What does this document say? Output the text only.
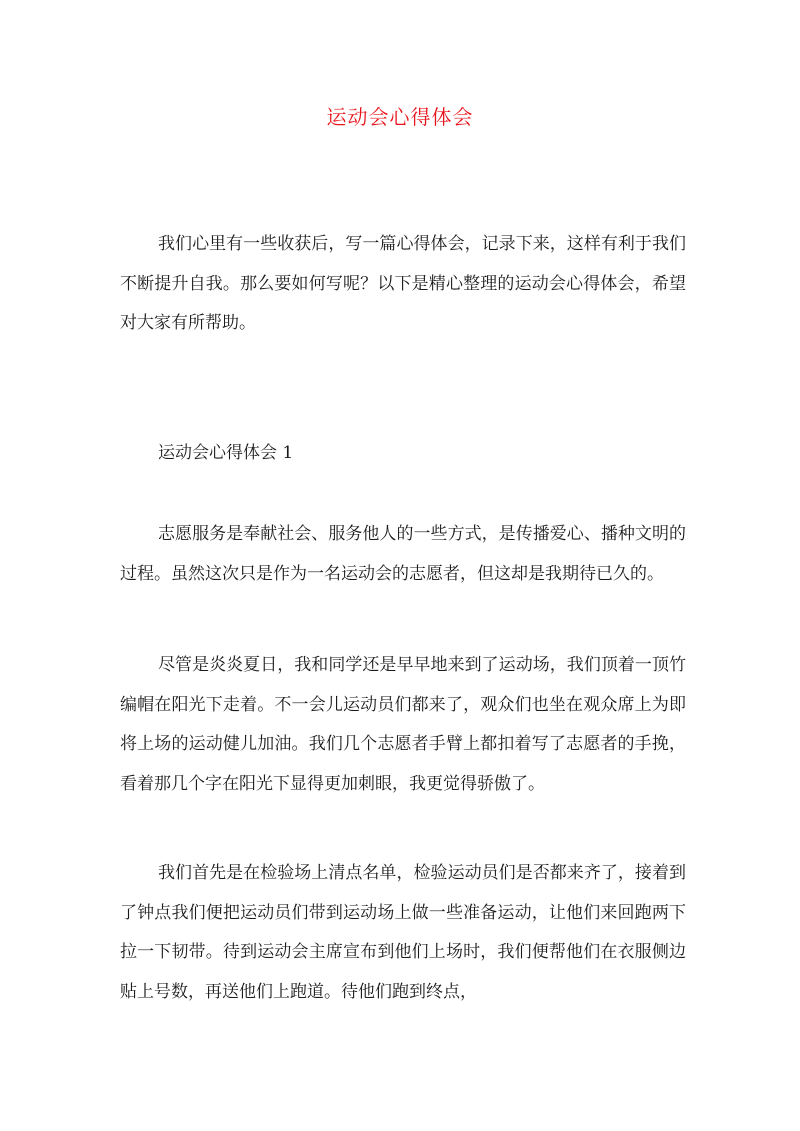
运动会心得体会

我们心里有一些收获后，写一篇心得体会，记录下来，这样有利于我们不断提升自我。那么要如何写呢？以下是精心整理的运动会心得体会，希望对大家有所帮助。

运动会心得体会 1

志愿服务是奉献社会、服务他人的一些方式，是传播爱心、播种文明的过程。虽然这次只是作为一名运动会的志愿者，但这却是我期待已久的。

尽管是炎炎夏日，我和同学还是早早地来到了运动场，我们顶着一顶竹编帽在阳光下走着。不一会儿运动员们都来了，观众们也坐在观众席上为即将上场的运动健儿加油。我们几个志愿者手臂上都扣着写了志愿者的手挽，看着那几个字在阳光下显得更加刺眼，我更觉得骄傲了。

我们首先是在检验场上清点名单，检验运动员们是否都来齐了，接着到了钟点我们便把运动员们带到运动场上做一些准备运动，让他们来回跑两下拉一下韧带。待到运动会主席宣布到他们上场时，我们便帮他们在衣服侧边贴上号数，再送他们上跑道。待他们跑到终点，
